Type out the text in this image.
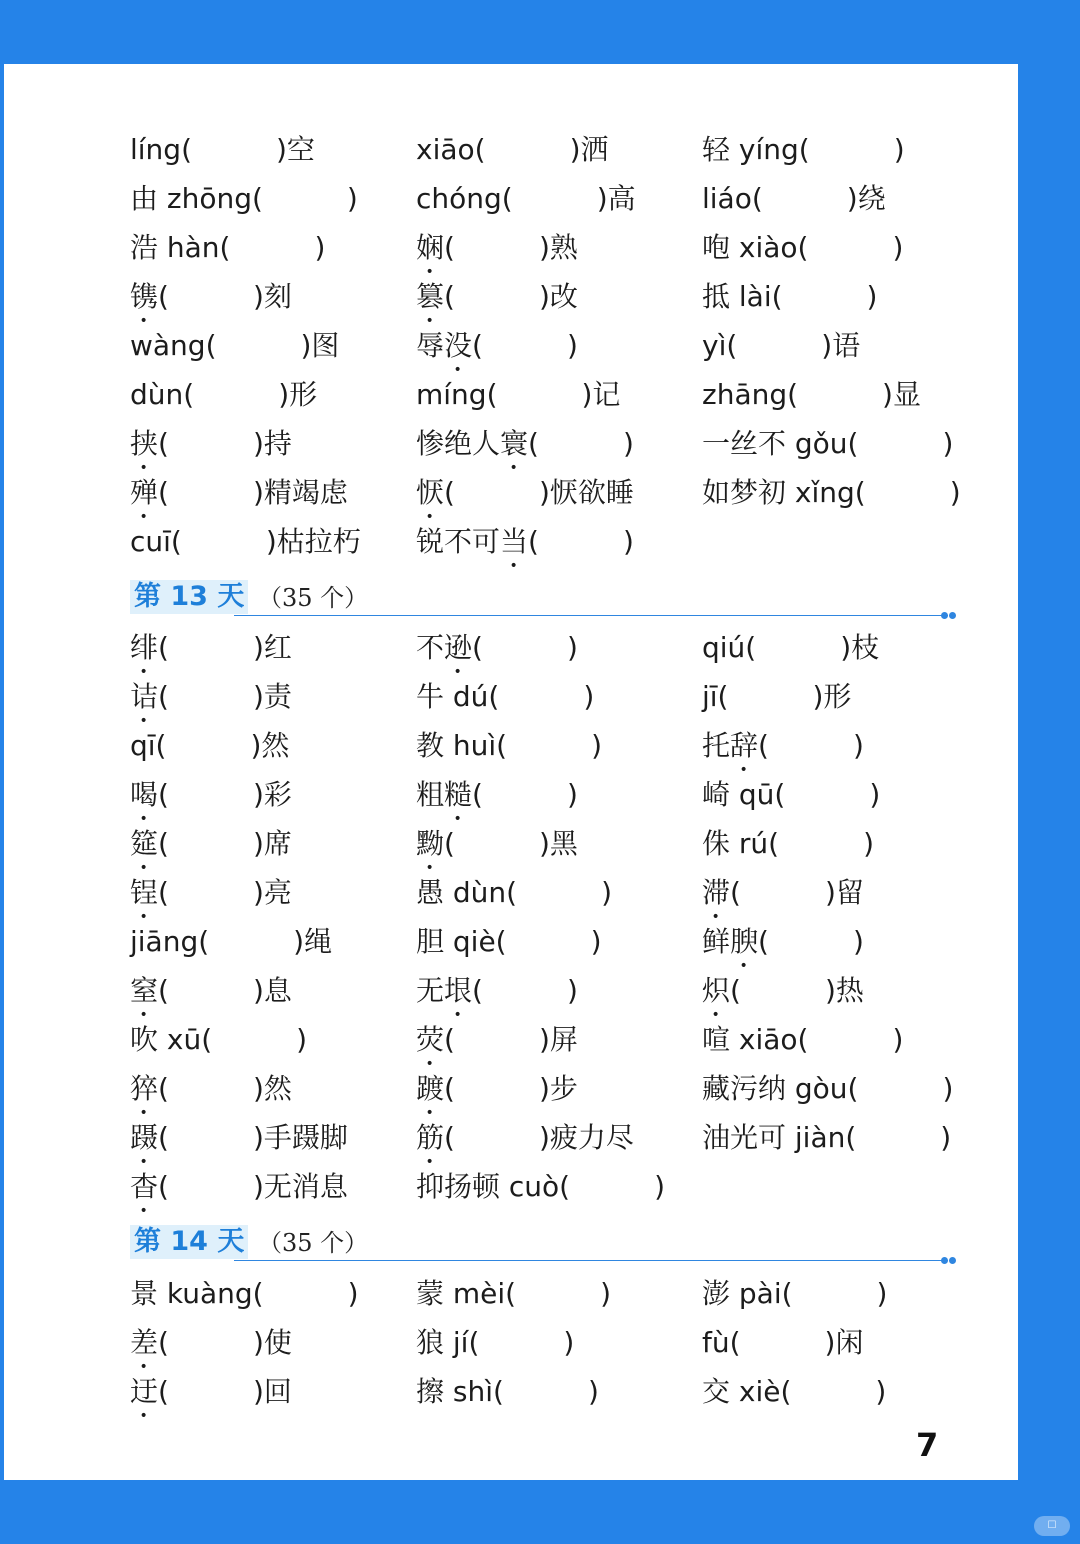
líng(　　　)空	xiāo(　　　)洒	轻 yíng(　　　)
由 zhōng(　　　) chóng(　　　)高 liáo(　　　)绕
浩 hàn(　　　)	娴(　　　)熟	咆 xiào(　　　)
镌(　　　)刻	篡(　　　)改	抵 lài(　　　)
wàng(　　　)图	辱没(　　　)	yì(　　　)语
dùn(　　　)形	míng(　　　)记	zhāng(　　　)显
挟(　　　)持	惨绝人寰(　　　) 一丝不 gǒu(　　　)
殚(　　　)精竭虑 恹(　　　)恹欲睡 如梦初 xǐng(　　　)
cuī(　　　)枯拉朽 锐不可当(　　　)
第 13 天 （35 个）
绯(　　　)红	不逊(　　　)	qiú(　　　)枝
诘(　　　)责	牛 dú(　　　)	jī(　　　)形
qī(　　　)然	教 huì(　　　)	托辞(　　　)
喝(　　　)彩	粗糙(　　　)	崎 qū(　　　)
筵(　　　)席	黝(　　　)黑	侏 rú(　　　)
锃(　　　)亮	愚 dùn(　　　)	滞(　　　)留
jiāng(　　　)绳	胆 qiè(　　　)	鲜腴(　　　)
窒(　　　)息	无垠(　　　)	炽(　　　)热
吹 xū(　　　)	荧(　　　)屏	喧 xiāo(　　　)
猝(　　　)然	踱(　　　)步	藏污纳 gòu(　　　)
蹑(　　　)手蹑脚 筋(　　　)疲力尽 油光可 jiàn(　　　)
杳(　　　)无消息 抑扬顿 cuò(　　　)
第 14 天 （35 个）
景 kuàng(　　　) 蒙 mèi(　　　)	澎 pài(　　　)
差(　　　)使	狼 jí(　　　)	fù(　　　)闲
迂(　　　)回	擦 shì(　　　)	交 xiè(　　　)
7
☐
